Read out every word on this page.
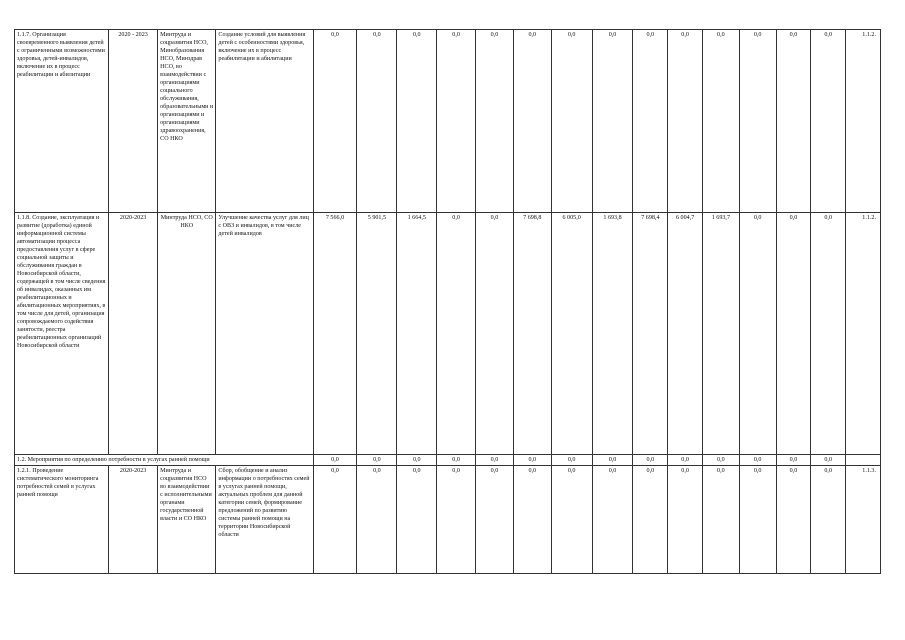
1.1.7. Организация своевременного выявления детей с ограниченными возможностями здоровья, детей-инвалидов, включение их в процесс реабилитации и абилитации	2020 - 2023	Минтруда и соцразвития НСО, Минобразования НСО, Минздрав НСО, во взаимодействии с организациями социального обслуживания, образовательными и организациями и организациями здравоохранения, СО НКО	Создание условий для выявления детей с особенностями здоровья, включение их в процесс реабилитации и абилитации	0,0	0,0	0,0	0,0	0,0	0,0	0,0	0,0	0,0	0,0	0,0	0,0	0,0	0,0	1.1.2.
1.1.8. Создание, эксплуатация и развитие (доработка) единой информационной системы автоматизации процесса предоставления услуг в сфере социальной защиты и обслуживания граждан в Новосибирской области, содержащей в том числе сведения об инвалидах, оказанных им реабилитационных и абилитационных мероприятиях, в том числе для детей, организация сопровождаемого содействия занятости, реестра реабилитационных организаций Новосибирской области	2020-2023	Минтруда НСО, СО НКО	Улучшение качества услуг для лиц с ОВЗ и инвалидов, в том числе детей инвалидов	7 566,0	5 901,5	1 664,5	0,0	0,0	7 698,8	6 005,0	1 693,8	7 698,4	6 004,7	1 693,7	0,0	0,0	0,0	1.1.2.
1.2. Мероприятия по определению потребности в услугах ранней помощи				0,0	0,0	0,0	0,0	0,0	0,0	0,0	0,0	0,0	0,0	0,0	0,0	0,0	0,0	
1.2.1. Проведение систематического мониторинга потребностей семей в услугах ранней помощи	2020-2023	Минтруда и соцразвития НСО во взаимодействии с исполнительными органами государственной власти и СО НКО	Сбор, обобщение и анализ информации о потребностях семей в услугах ранней помощи, актуальных проблем для данной категории семей, формирование предложений по развитию системы ранней помощи на территории Новосибирской области	0,0	0,0	0,0	0,0	0,0	0,0	0,0	0,0	0,0	0,0	0,0	0,0	0,0	0,0	1.1.3.
